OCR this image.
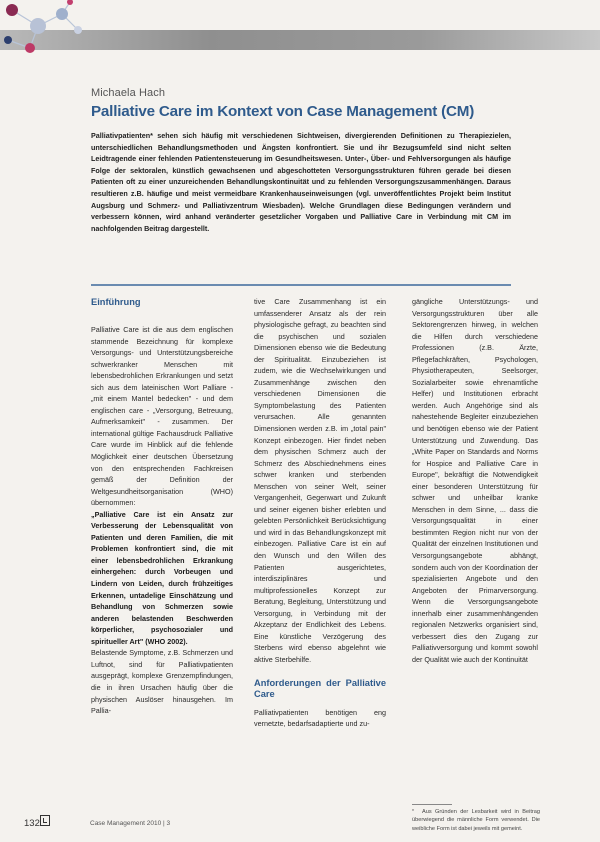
Michaela Hach
Palliative Care im Kontext von Case Management (CM)
Palliativpatienten* sehen sich häufig mit verschiedenen Sichtweisen, divergierenden Definitionen zu Therapiezielen, unterschiedlichen Behandlungsmethoden und Ängsten konfrontiert. Sie und ihr Bezugsumfeld sind nicht selten Leidtragende einer fehlenden Patientensteuerung im Gesundheitswesen. Unter-, Über- und Fehlversorgungen als häufige Folge der sektoralen, künstlich gewachsenen und abgeschotteten Versorgungsstrukturen führen gerade bei diesen Patienten oft zu einer unzureichenden Behandlungskontinuität und zu fehlenden Versorgungszusammenhängen. Daraus resultieren z.B. häufige und meist vermeidbare Krankenhauseinweisungen (vgl. unveröffentlichtes Projekt beim Institut Augsburg und Schmerz- und Palliativzentrum Wiesbaden). Welche Grundlagen diese Bedingungen verändern und verbessern können, wird anhand veränderter gesetzlicher Vorgaben und Palliative Care in Verbindung mit CM im nachfolgenden Beitrag dargestellt.
Einführung

Palliative Care ist die aus dem englischen stammende Bezeichnung für komplexe Versorgungs- und Unterstützungsbereiche schwerkranker Menschen mit lebensbedrohlichen Erkrankungen und setzt sich aus dem lateinischen Wort Palliare - „mit einem Mantel bedecken" - und dem englischen care - „Versorgung, Betreuung, Aufmerksamkeit" - zusammen. Der international gültige Fachausdruck Palliative Care wurde im Hinblick auf die fehlende Möglichkeit einer deutschen Übersetzung von den entsprechenden Fachkreisen gemäß der Definition der Weltgesundheitsorganisation (WHO) übernommen:

„Palliative Care ist ein Ansatz zur Verbesserung der Lebensqualität von Patienten und deren Familien, die mit Problemen konfrontiert sind, die mit einer lebensbedrohlichen Erkrankung einhergehen: durch Vorbeugen und Lindern von Leiden, durch frühzeitiges Erkennen, untadelige Einschätzung und Behandlung von Schmerzen sowie anderen belastenden Beschwerden körperlicher, psychosozialer und spiritueller Art" (WHO 2002).

Belastende Symptome, z.B. Schmerzen und Luftnot, sind für Palliativpatienten ausgeprägt, komplexe Grenzempfindungen, die in ihren Ursachen häufig über die physischen Auslöser hinausgehen. Im Pallia-

tive Care Zusammenhang ist ein umfassenderer Ansatz als der rein physiologische gefragt, zu beachten sind die psychischen und sozialen Dimensionen ebenso wie die Bedeutung der Spiritualität. Einzubeziehen ist zudem, wie die Wechselwirkungen und Zusammenhänge zwischen den verschiedenen Dimensionen die Symptombelastung des Patienten verursachen. Alle genannten Dimensionen werden z.B. im „total pain" Konzept einbezogen. Hier findet neben dem physischen Schmerz auch der Schmerz des Abschiednehmens eines schwer kranken und sterbenden Menschen von seiner Welt, seiner Vergangenheit, Gegenwart und Zukunft und seiner eigenen bisher erlebten und gelebten Persönlichkeit Berücksichtigung und wird in das Behandlungskonzept mit einbezogen. Palliative Care ist ein auf den Wunsch und den Willen des Patienten ausgerichtetes, interdisziplinäres und multiprofessionelles Konzept zur Beratung, Begleitung, Unterstützung und Versorgung, in Verbindung mit der Akzeptanz der Endlichkeit des Lebens. Eine künstliche Verzögerung des Sterbens wird ebenso abgelehnt wie aktive Sterbehilfe.

Anforderungen der Palliative Care

Palliativpatienten benötigen eng vernetzte, bedarfsadaptierte und zu-

gängliche Unterstützungs- und Versorgungsstrukturen über alle Sektorengrenzen hinweg, in welchen die Hilfen durch verschiedene Professionen (z.B. Ärzte, Pflegefachkräften, Psychologen, Physiotherapeuten, Seelsorger, Sozialarbeiter sowie ehrenamtliche Helfer) und Institutionen erbracht werden. Auch Angehörige sind als nahestehende Begleiter einzubeziehen und benötigen ebenso wie der Patient Unterstützung und Zuwendung. Das „White Paper on Standards and Norms for Hospice and Palliative Care in Europe", bekräftigt die Notwendigkeit einer besonderen Unterstützung für schwer und unheilbar kranke Menschen in dem Sinne, ... dass die Versorgungsqualität in einer bestimmten Region nicht nur von der Qualität der einzelnen Institutionen und Versorgungsangebote abhängt, sondern auch von der Koordination der spezialisierten Angebote und den Angeboten der Primarversorgung. Wenn die Versorgungsangebote innerhalb einer zusammenhängenden regionalen Netzwerks organisiert sind, verbessert dies den Zugang zur Palliativversorgung und kommt sowohl der Qualität wie auch der Kontinuität

* Aus Gründen der Lesbarkeit wird in Beitrag überwiegend die männliche Form verwendet. Die weibliche Form ist dabei jeweils mit gemeint.
132	Case Management 2010 | 3
